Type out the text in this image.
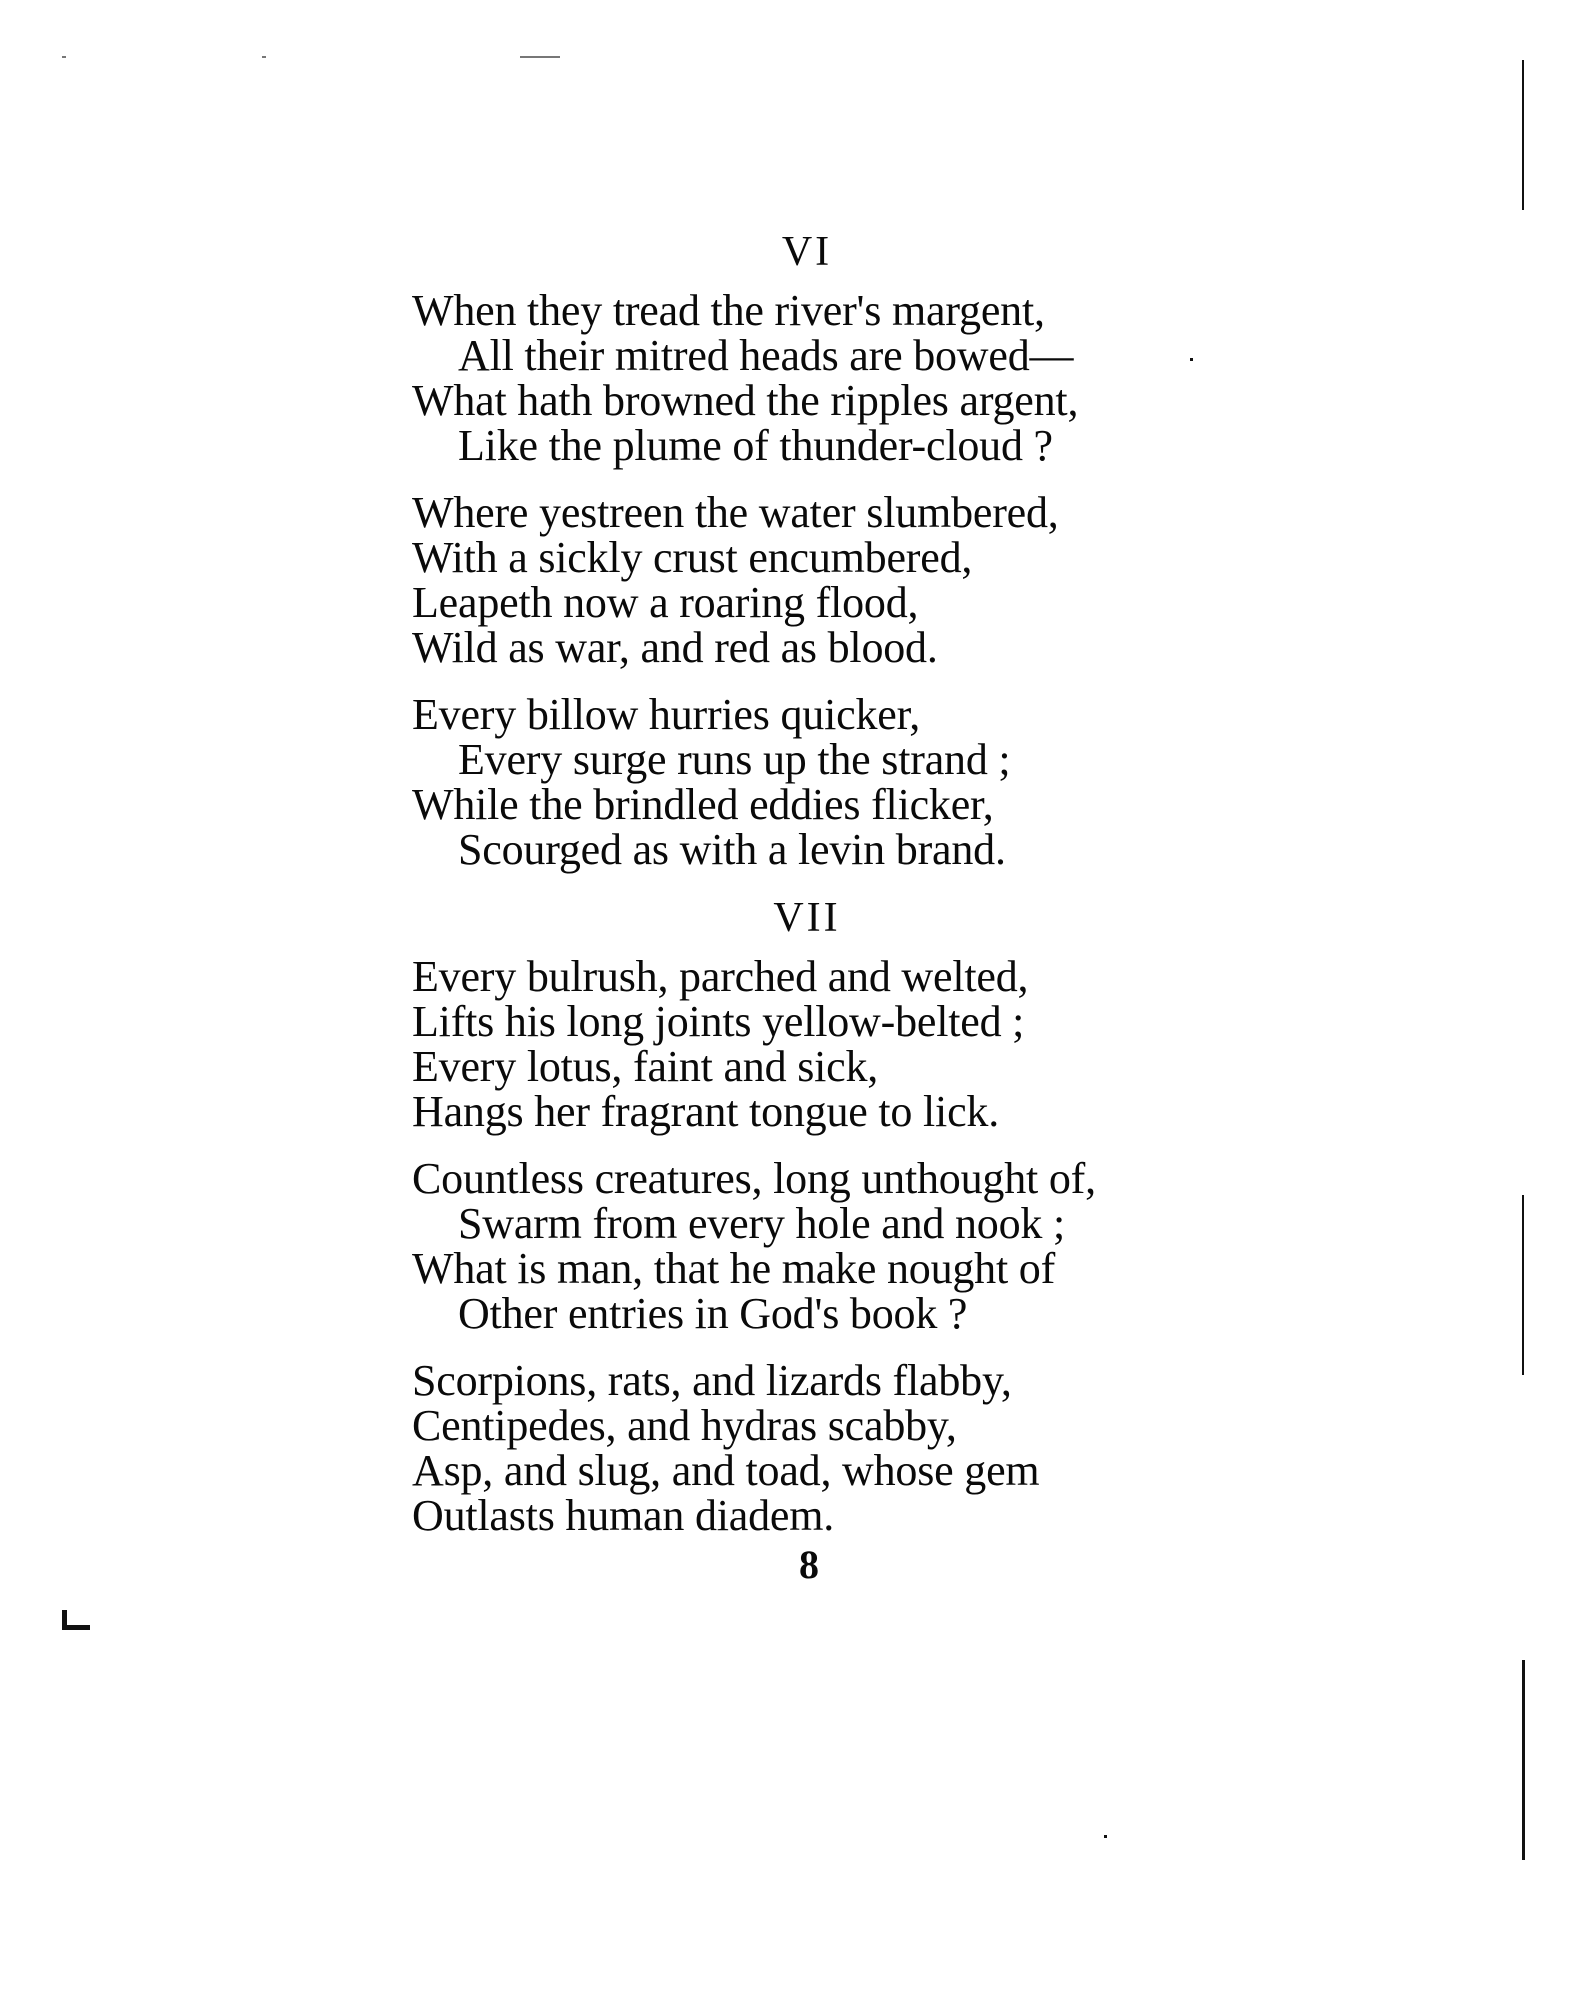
VI
When they tread the river's margent,
All their mitred heads are bowed—
What hath browned the ripples argent,
Like the plume of thunder-cloud ?
Where yestreen the water slumbered,
With a sickly crust encumbered,
Leapeth now a roaring flood,
Wild as war, and red as blood.
Every billow hurries quicker,
Every surge runs up the strand ;
While the brindled eddies flicker,
Scourged as with a levin brand.
VII
Every bulrush, parched and welted,
Lifts his long joints yellow-belted ;
Every lotus, faint and sick,
Hangs her fragrant tongue to lick.
Countless creatures, long unthought of,
Swarm from every hole and nook ;
What is man, that he make nought of
Other entries in God's book ?
Scorpions, rats, and lizards flabby,
Centipedes, and hydras scabby,
Asp, and slug, and toad, whose gem
Outlasts human diadem.
8
